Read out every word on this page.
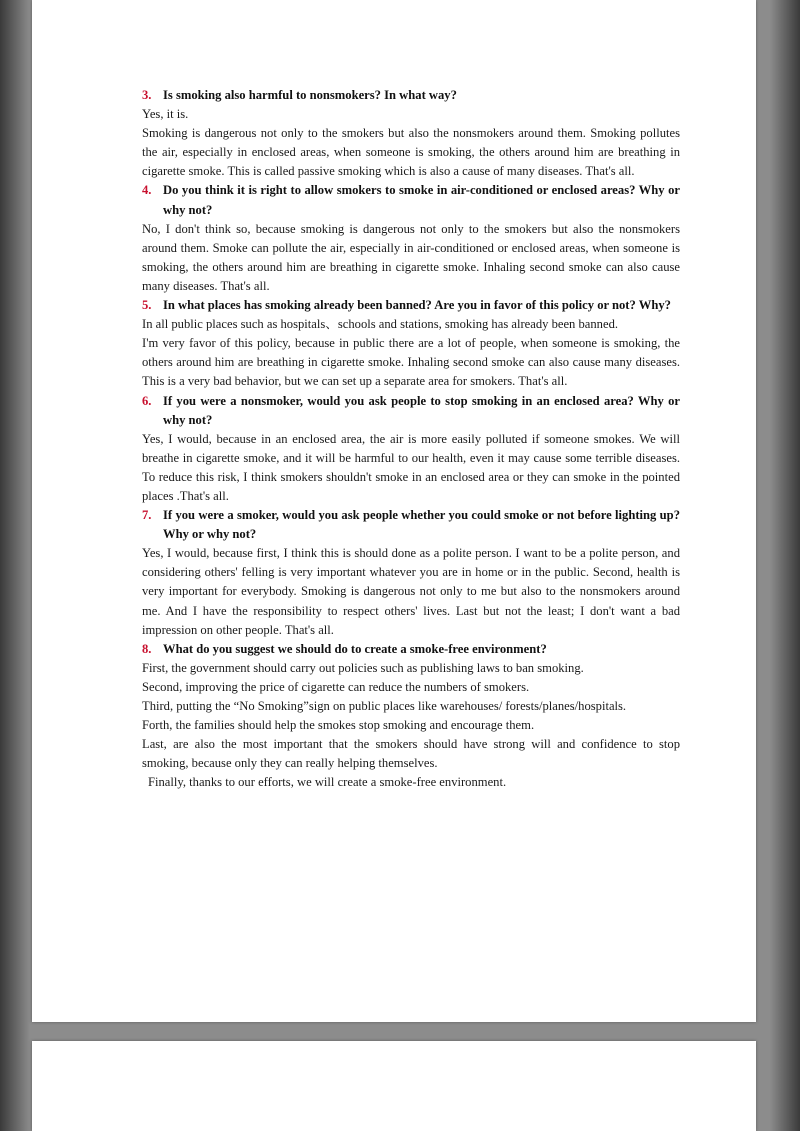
3. Is smoking also harmful to nonsmokers? In what way?

Yes, it is.

Smoking is dangerous not only to the smokers but also the nonsmokers around them. Smoking pollutes the air, especially in enclosed areas, when someone is smoking, the others around him are breathing in cigarette smoke. This is called passive smoking which is also a cause of many diseases. That's all.

4. Do you think it is right to allow smokers to smoke in air-conditioned or enclosed areas? Why or why not?

No, I don't think so, because smoking is dangerous not only to the smokers but also the nonsmokers around them. Smoke can pollute the air, especially in air-conditioned or enclosed areas, when someone is smoking, the others around him are breathing in cigarette smoke. Inhaling second smoke can also cause many diseases. That's all.

5. In what places has smoking already been banned? Are you in favor of this policy or not? Why?

In all public places such as hospitals、schools and stations, smoking has already been banned.

I'm very favor of this policy, because in public there are a lot of people, when someone is smoking, the others around him are breathing in cigarette smoke. Inhaling second smoke can also cause many diseases. This is a very bad behavior, but we can set up a separate area for smokers. That's all.

6. If you were a nonsmoker, would you ask people to stop smoking in an enclosed area? Why or why not?

Yes, I would, because in an enclosed area, the air is more easily polluted if someone smokes. We will breathe in cigarette smoke, and it will be harmful to our health, even it may cause some terrible diseases. To reduce this risk, I think smokers shouldn't smoke in an enclosed area or they can smoke in the pointed places .That's all.

7. If you were a smoker, would you ask people whether you could smoke or not before lighting up? Why or why not?

Yes, I would, because first, I think this is should done as a polite person. I want to be a polite person, and considering others' felling is very important whatever you are in home or in the public. Second, health is very important for everybody. Smoking is dangerous not only to me but also to the nonsmokers around me. And I have the responsibility to respect others' lives. Last but not the least; I don't want a bad impression on other people. That's all.

8. What do you suggest we should do to create a smoke-free environment?

First, the government should carry out policies such as publishing laws to ban smoking.

Second, improving the price of cigarette can reduce the numbers of smokers.

Third, putting the “No Smoking”sign on public places like warehouses/ forests/planes/hospitals.

Forth, the families should help the smokes stop smoking and encourage them.

Last, are also the most important that the smokers should have strong will and confidence to stop smoking, because only they can really helping themselves.

Finally, thanks to our efforts, we will create a smoke-free environment.
